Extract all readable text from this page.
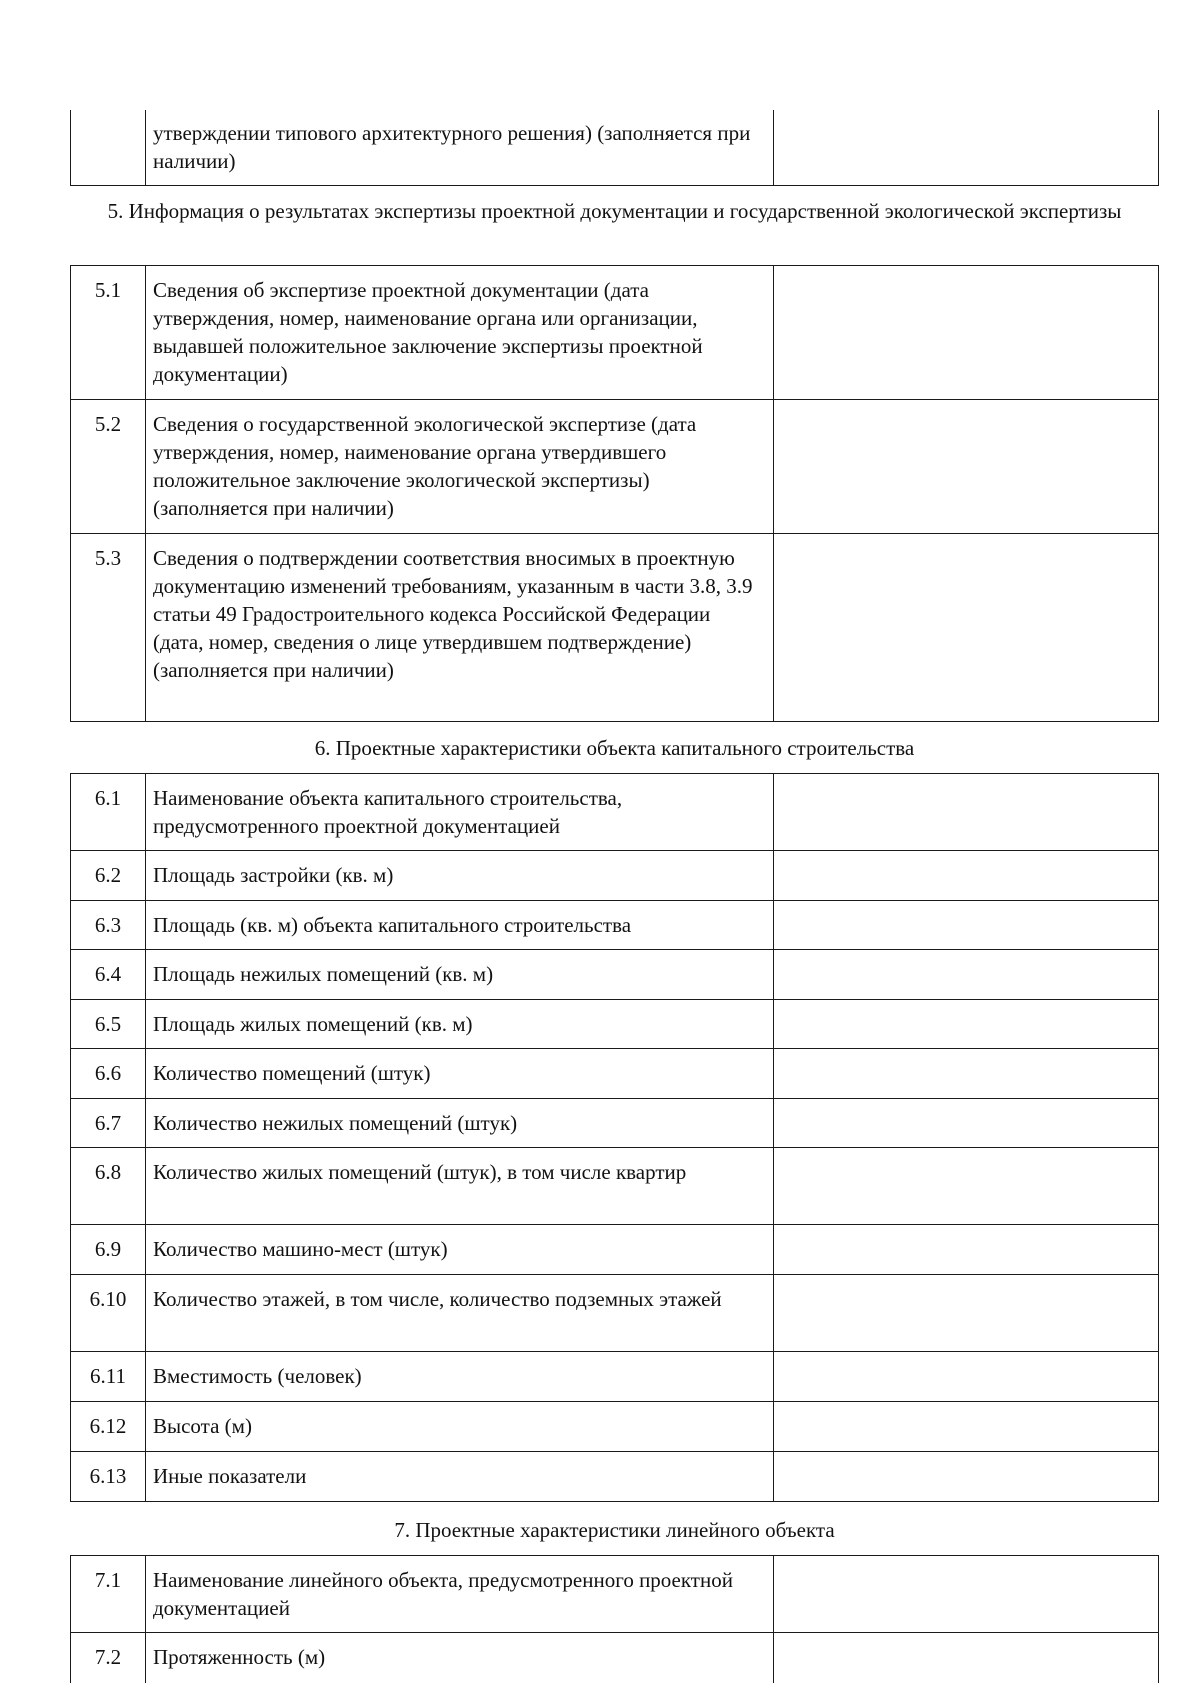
	утверждении типового архитектурного решения) (заполняется при наличии)	
5. Информация о результатах экспертизы проектной документации и государственной экологической экспертизы
5.1	Сведения об экспертизе проектной документации (дата утверждения, номер, наименование органа или организации, выдавшей положительное заключение экспертизы проектной документации)	
5.2	Сведения о государственной экологической экспертизе (дата утверждения, номер, наименование органа утвердившего положительное заключение экологической экспертизы) (заполняется при наличии)	
5.3	Сведения о подтверждении соответствия вносимых в проектную документацию изменений требованиям, указанным в части 3.8, 3.9 статьи 49 Градостроительного кодекса Российской Федерации (дата, номер, сведения о лице утвердившем подтверждение) (заполняется при наличии)	
6. Проектные характеристики объекта капитального строительства
6.1	Наименование объекта капитального строительства, предусмотренного проектной документацией	
6.2	Площадь застройки (кв. м)	
6.3	Площадь (кв. м) объекта капитального строительства	
6.4	Площадь нежилых помещений (кв. м)	
6.5	Площадь жилых помещений (кв. м)	
6.6	Количество помещений (штук)	
6.7	Количество нежилых помещений (штук)	
6.8	Количество жилых помещений (штук), в том числе квартир	
6.9	Количество машино-мест (штук)	
6.10	Количество этажей, в том числе, количество подземных этажей	
6.11	Вместимость (человек)	
6.12	Высота (м)	
6.13	Иные показатели	
7. Проектные характеристики линейного объекта
7.1	Наименование линейного объекта, предусмотренного проектной документацией	
7.2	Протяженность (м)	
